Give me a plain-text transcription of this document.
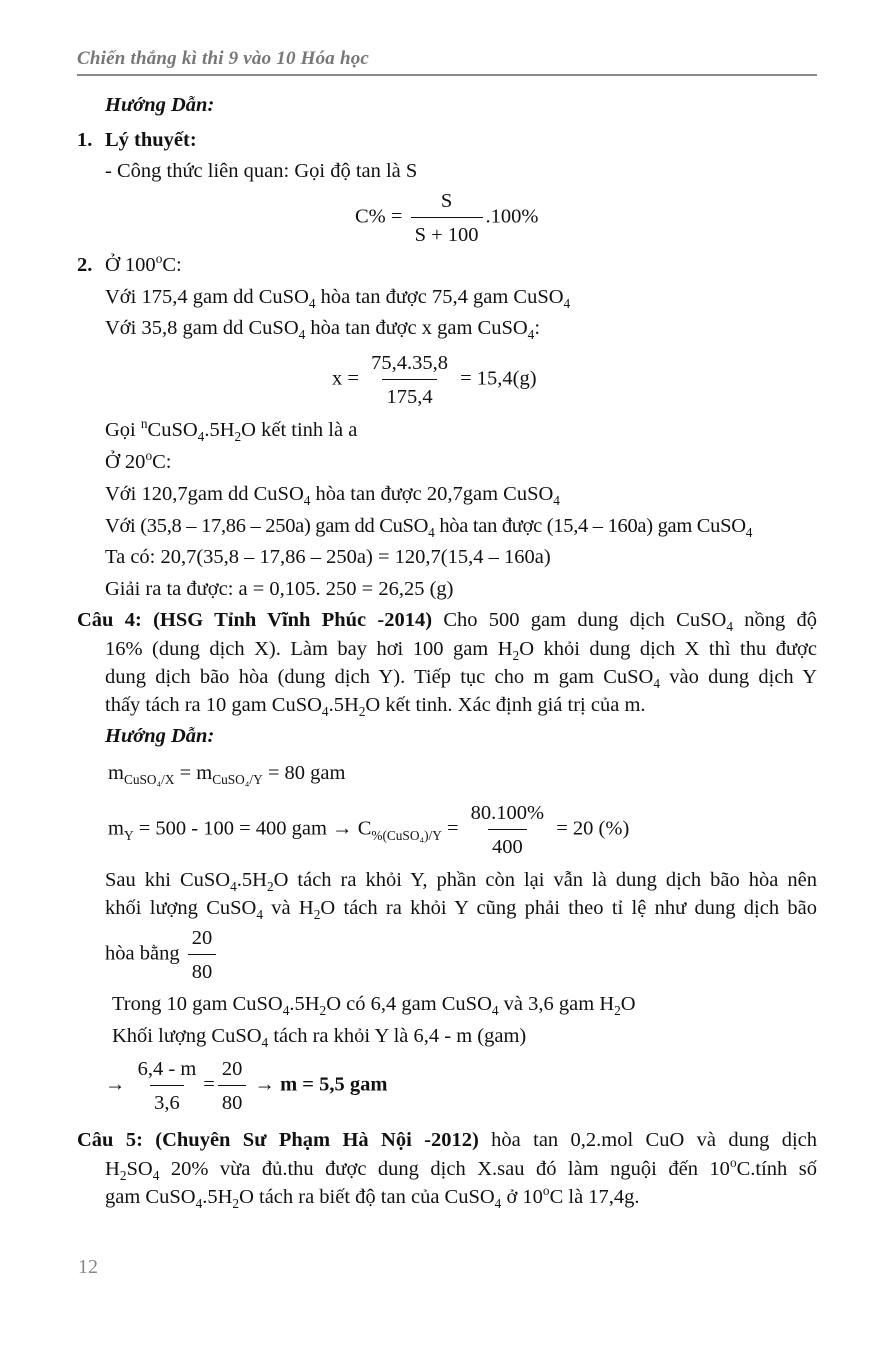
Chiến thắng kì thi 9 vào 10 Hóa học
Hướng Dẫn:
Lý thuyết:
- Công thức liên quan: Gọi độ tan là S
$C\% = \frac{S}{S + 100} .100\%$
Ở 100$^o$C:
Với 175,4 gam dd CuSO$_4$ hòa tan được 75,4 gam CuSO$_4$
Với 35,8 gam dd CuSO$_4$ hòa tan được x gam CuSO$_4$:
$x = \frac{75,4.35,8}{175,4} = 15,4(g)$
Gọi $^nCuSO_4.5H_2O$ kết tinh là a
Ở 20$^o$C:
Với 120,7gam dd CuSO$_4$ hòa tan được 20,7gam CuSO$_4$
Với (35,8 – 17,86 – 250a) gam dd CuSO$_4$ hòa tan được (15,4 – 160a) gam CuSO$_4$
Ta có: 20,7(35,8 – 17,86 – 250a) = 120,7(15,4 – 160a)
Giải ra ta được: a = 0,105. 250 = 26,25 (g)
Câu 4: (HSG Tỉnh Vĩnh Phúc -2014) Cho 500 gam dung dịch CuSO$_4$ nồng độ
16% (dung dịch X). Làm bay hơi 100 gam $H_2O$ khỏi dung dịch X thì thu được
dung dịch bão hòa (dung dịch Y). Tiếp tục cho m gam CuSO$_4$ vào dung dịch Y
thấy tách ra 10 gam $CuSO_4.5H_2O$ kết tinh. Xác định giá trị của m.
Hướng Dẫn:
$m_{CuSO_4/X} = m_{CuSO_4/Y} = 80$ gam
$m_Y = 500 - 100 = 400$ gam → $C_{\%(CuSO_4)/Y} = \frac{80.100\%}{400} = 20$ (%)
Sau khi $CuSO_4.5H_2O$ tách ra khỏi Y, phần còn lại vẫn là dung dịch bão hòa nên
khối lượng CuSO$_4$ và $H_2O$ tách ra khỏi Y cũng phải theo tỉ lệ như dung dịch bão
hòa bằng $\frac{20}{80}$
Trong 10 gam $CuSO_4.5H_2O$ có 6,4 gam CuSO$_4$ và 3,6 gam $H_2O$
Khối lượng CuSO$_4$ tách ra khỏi Y là 6,4 - m (gam)
→ $\frac{6,4 - m}{3,6} = \frac{20}{80} \to m = 5,5$ gam
Câu 5: (Chuyên Sư Phạm Hà Nội -2012) hòa tan 0,2.mol CuO và dung dịch
$H_2SO_4$ 20% vừa đủ.thu được dung dịch X.sau đó làm nguội đến 10$^o$C.tính số
gam $CuSO_4.5H_2O$ tách ra biết độ tan của CuSO$_4$ ở 10$^o$C là 17,4g.
1.
2.
12
